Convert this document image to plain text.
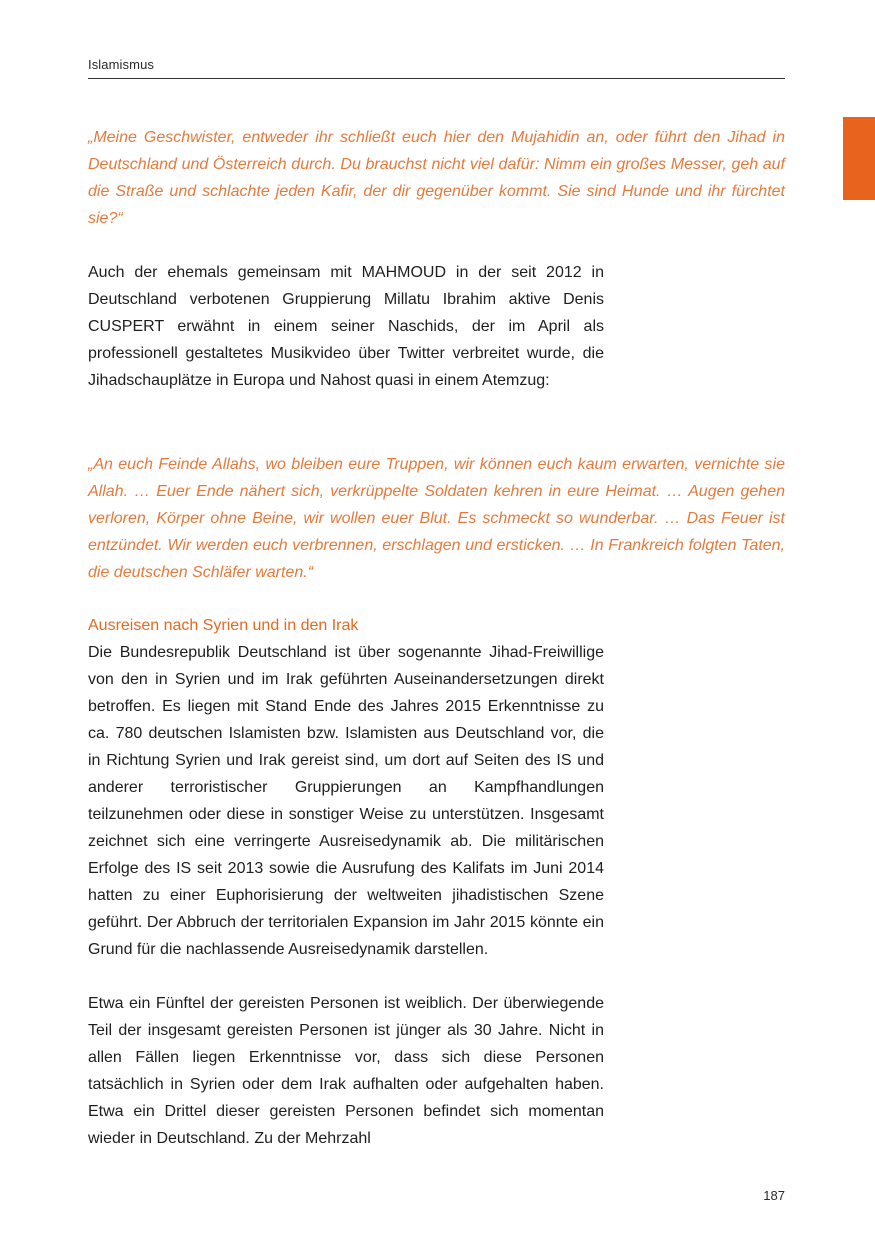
Islamismus

„Meine Geschwister, entweder ihr schließt euch hier den Mujahidin an, oder führt den Jihad in Deutschland und Österreich durch. Du brauchst nicht viel dafür: Nimm ein großes Messer, geh auf die Straße und schlachte jeden Kafir, der dir gegenüber kommt. Sie sind Hunde und ihr fürchtet sie?“

Auch der ehemals gemeinsam mit MAHMOUD in der seit 2012 in Deutschland verbotenen Gruppierung Millatu Ibrahim aktive Denis CUSPERT erwähnt in einem seiner Naschids, der im April als professionell gestaltetes Musikvideo über Twitter verbreitet wurde, die Jihadschauplätze in Europa und Nahost quasi in einem Atemzug:

„An euch Feinde Allahs, wo bleiben eure Truppen, wir können euch kaum erwarten, vernichte sie Allah. … Euer Ende nähert sich, verkrüppelte Soldaten kehren in eure Heimat. … Augen gehen verloren, Körper ohne Beine, wir wollen euer Blut. Es schmeckt so wunderbar. … Das Feuer ist entzündet. Wir werden euch verbrennen, erschlagen und ersticken. … In Frankreich folgten Taten, die deutschen Schläfer warten.“

Ausreisen nach Syrien und in den Irak

Die Bundesrepublik Deutschland ist über sogenannte Jihad-Freiwillige von den in Syrien und im Irak geführten Auseinandersetzungen direkt betroffen. Es liegen mit Stand Ende des Jahres 2015 Erkenntnisse zu ca. 780 deutschen Islamisten bzw. Islamisten aus Deutschland vor, die in Richtung Syrien und Irak gereist sind, um dort auf Seiten des IS und anderer terroristischer Gruppierungen an Kampfhandlungen teilzunehmen oder diese in sonstiger Weise zu unterstützen. Insgesamt zeichnet sich eine verringerte Ausreisedynamik ab. Die militärischen Erfolge des IS seit 2013 sowie die Ausrufung des Kalifats im Juni 2014 hatten zu einer Euphorisierung der weltweiten jihadistischen Szene geführt. Der Abbruch der territorialen Expansion im Jahr 2015 könnte ein Grund für die nachlassende Ausreisedynamik darstellen.

Etwa ein Fünftel der gereisten Personen ist weiblich. Der überwiegende Teil der insgesamt gereisten Personen ist jünger als 30 Jahre. Nicht in allen Fällen liegen Erkenntnisse vor, dass sich diese Personen tatsächlich in Syrien oder dem Irak aufhalten oder aufgehalten haben. Etwa ein Drittel dieser gereisten Personen befindet sich momentan wieder in Deutschland. Zu der Mehrzahl

187
